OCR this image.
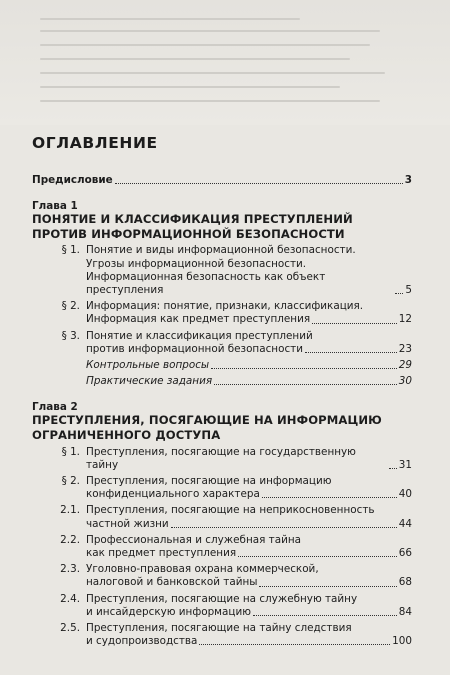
ОГЛАВЛЕНИЕ
Предисловие	3
Глава 1
ПОНЯТИЕ И КЛАССИФИКАЦИЯ ПРЕСТУПЛЕНИЙ
ПРОТИВ ИНФОРМАЦИОННОЙ БЕЗОПАСНОСТИ
§ 1. Понятие и виды информационной безопасности.
Угрозы информационной безопасности.
Информационная безопасность как объект преступления	5
§ 2. Информация: понятие, признаки, классификация.
Информация как предмет преступления	12
§ 3. Понятие и классификация преступлений
против информационной безопасности	23
Контрольные вопросы	29
Практические задания	30
Глава 2
ПРЕСТУПЛЕНИЯ, ПОСЯГАЮЩИЕ НА ИНФОРМАЦИЮ
ОГРАНИЧЕННОГО ДОСТУПА
§ 1. Преступления, посягающие на государственную тайну	31
§ 2. Преступления, посягающие на информацию
конфиденциального характера	40
2.1. Преступления, посягающие на неприкосновенность
частной жизни	44
2.2. Профессиональная и служебная тайна
как предмет преступления	66
2.3. Уголовно-правовая охрана коммерческой,
налоговой и банковской тайны	68
2.4. Преступления, посягающие на служебную тайну
и инсайдерскую информацию	84
2.5. Преступления, посягающие на тайну следствия
и судопроизводства	100
